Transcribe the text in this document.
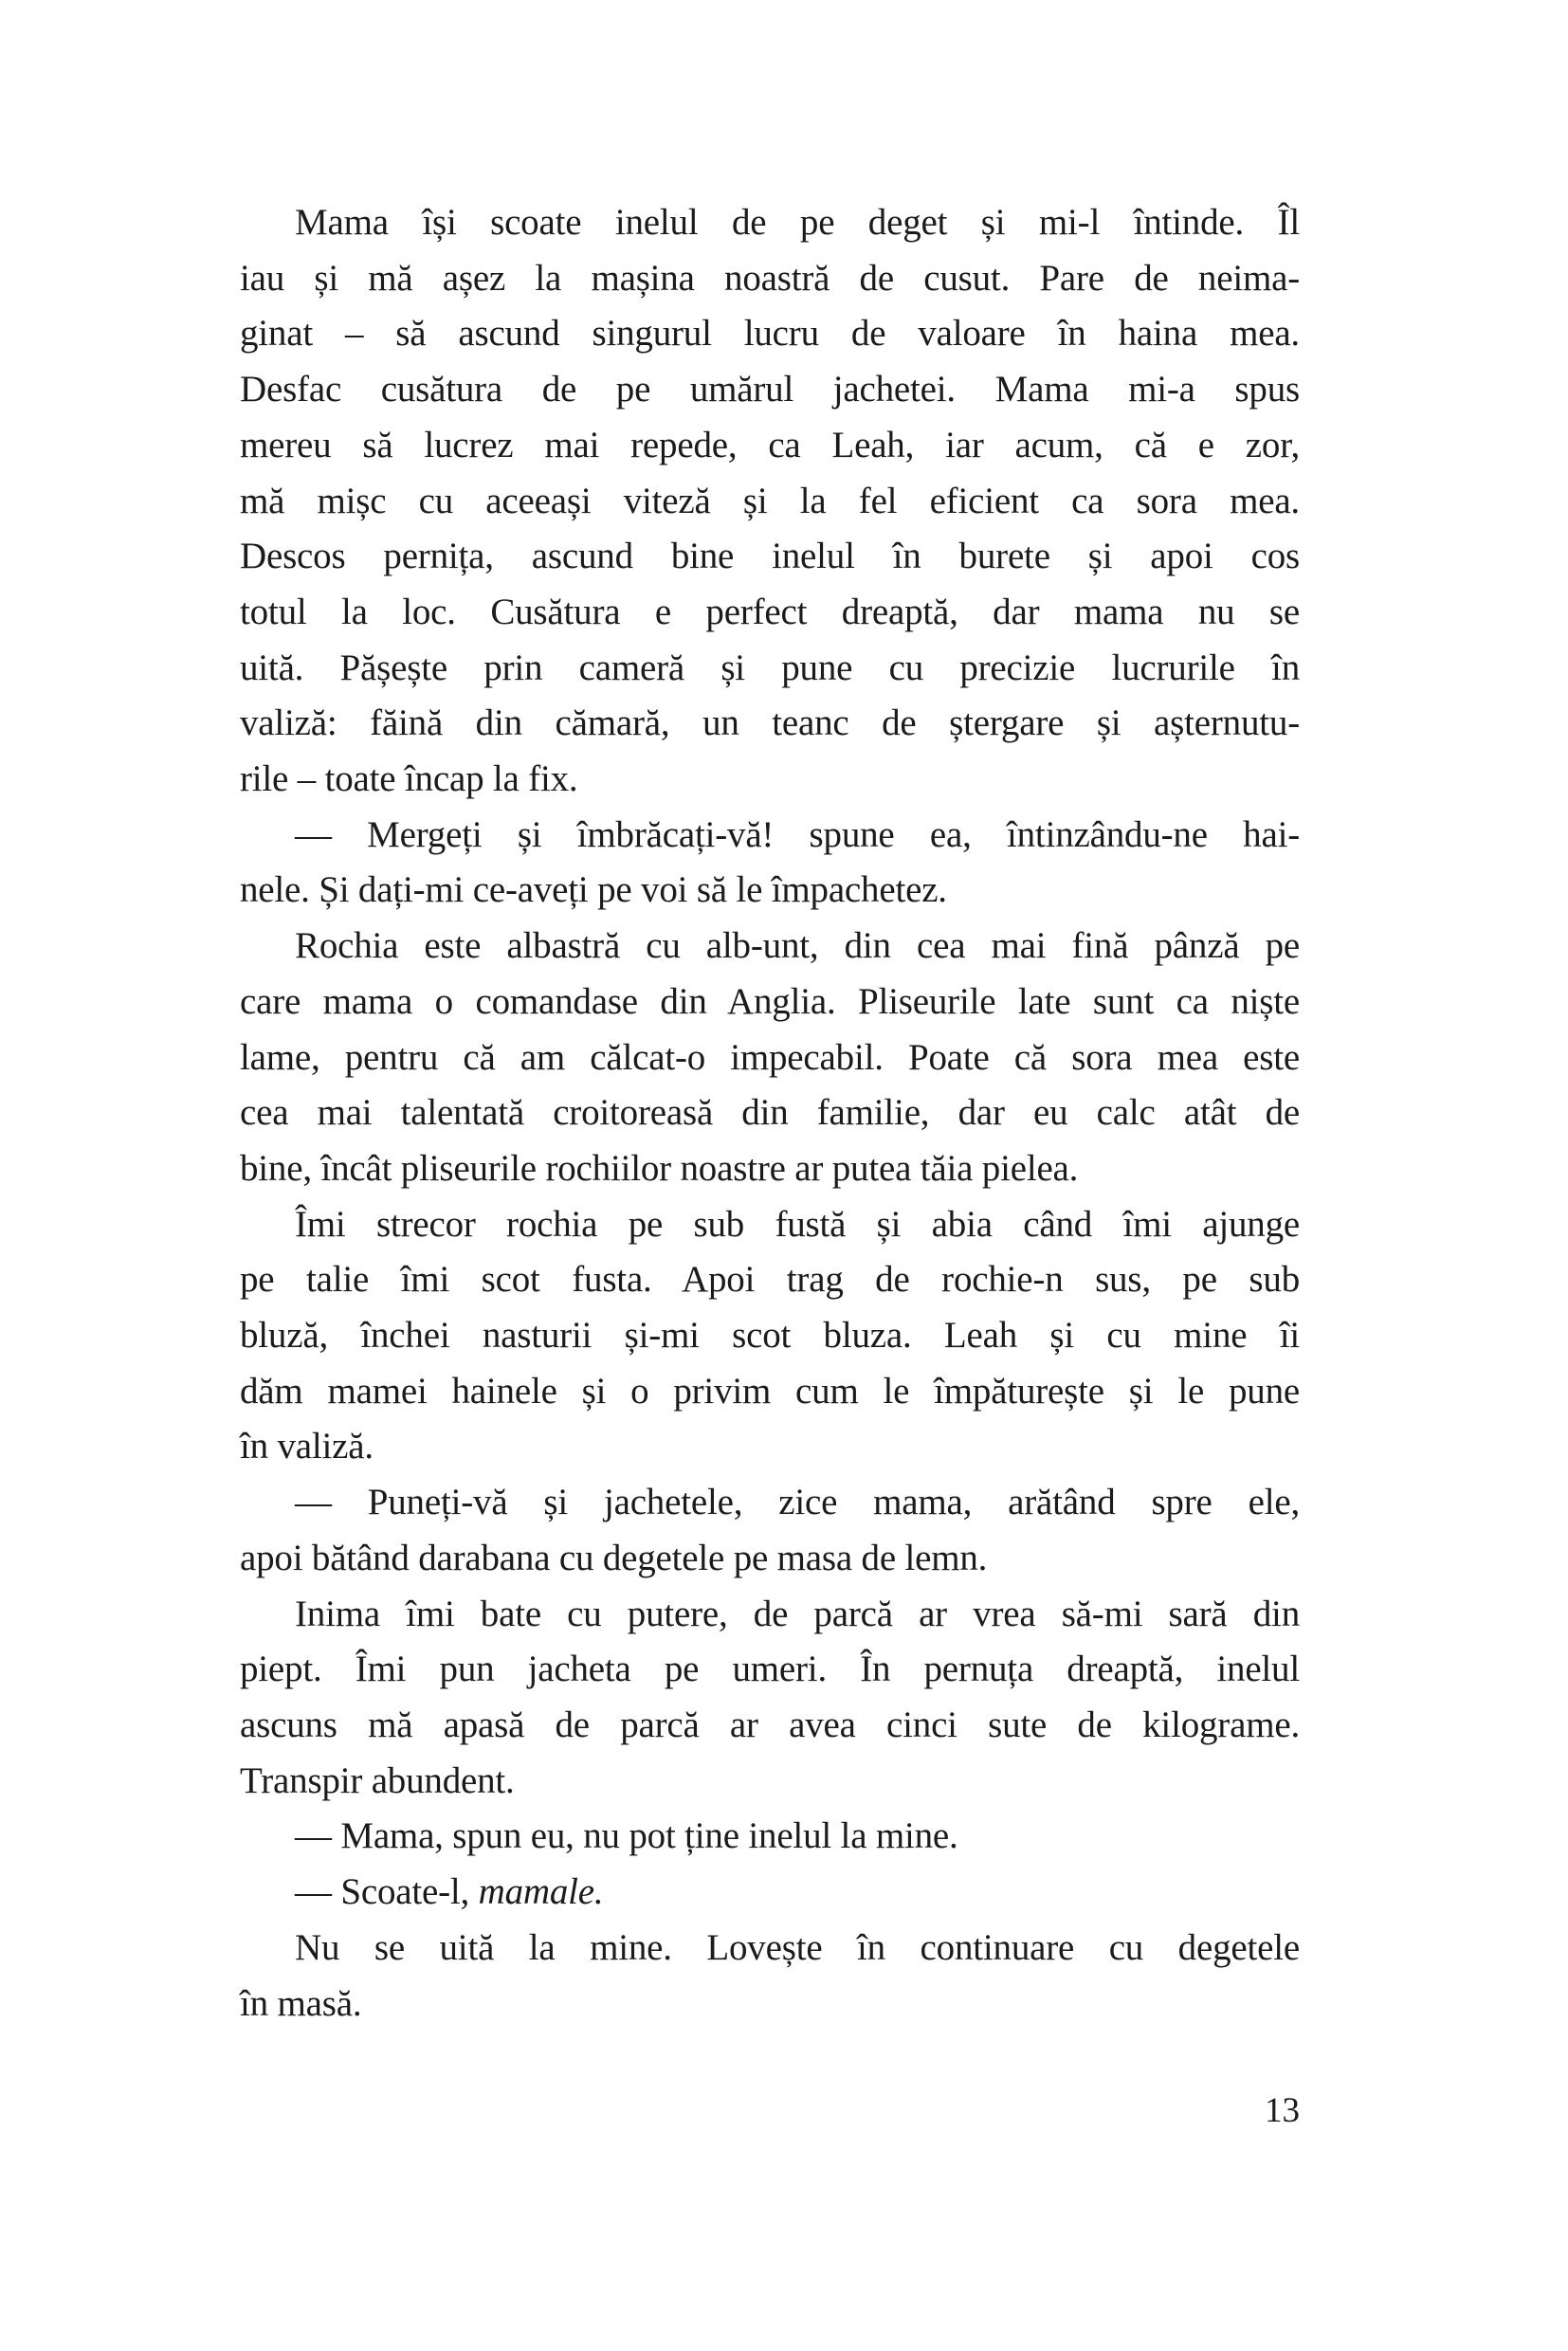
Mama își scoate inelul de pe deget și mi-l întinde. Îl
iau și mă așez la mașina noastră de cusut. Pare de neima-
ginat – să ascund singurul lucru de valoare în haina mea.
Desfac cusătura de pe umărul jachetei. Mama mi-a spus
mereu să lucrez mai repede, ca Leah, iar acum, că e zor,
mă mișc cu aceeași viteză și la fel eficient ca sora mea.
Descos pernița, ascund bine inelul în burete și apoi cos
totul la loc. Cusătura e perfect dreaptă, dar mama nu se
uită. Pășește prin cameră și pune cu precizie lucrurile în
valiză: făină din cămară, un teanc de ștergare și așternutu-
rile – toate încap la fix.
— Mergeți și îmbrăcați-vă! spune ea, întinzându-ne hai-
nele. Și dați-mi ce-aveți pe voi să le împachetez.
Rochia este albastră cu alb-unt, din cea mai fină pânză pe
care mama o comandase din Anglia. Pliseurile late sunt ca niște
lame, pentru că am călcat-o impecabil. Poate că sora mea este
cea mai talentată croitoreasă din familie, dar eu calc atât de
bine, încât pliseurile rochiilor noastre ar putea tăia pielea.
Îmi strecor rochia pe sub fustă și abia când îmi ajunge
pe talie îmi scot fusta. Apoi trag de rochie-n sus, pe sub
bluză, închei nasturii și-mi scot bluza. Leah și cu mine îi
dăm mamei hainele și o privim cum le împăturește și le pune
în valiză.
— Puneți-vă și jachetele, zice mama, arătând spre ele,
apoi bătând darabana cu degetele pe masa de lemn.
Inima îmi bate cu putere, de parcă ar vrea să-mi sară din
piept. Îmi pun jacheta pe umeri. În pernuța dreaptă, inelul
ascuns mă apasă de parcă ar avea cinci sute de kilograme.
Transpir abundent.
— Mama, spun eu, nu pot ține inelul la mine.
— Scoate-l, mamale.
Nu se uită la mine. Lovește în continuare cu degetele
în masă.
13
